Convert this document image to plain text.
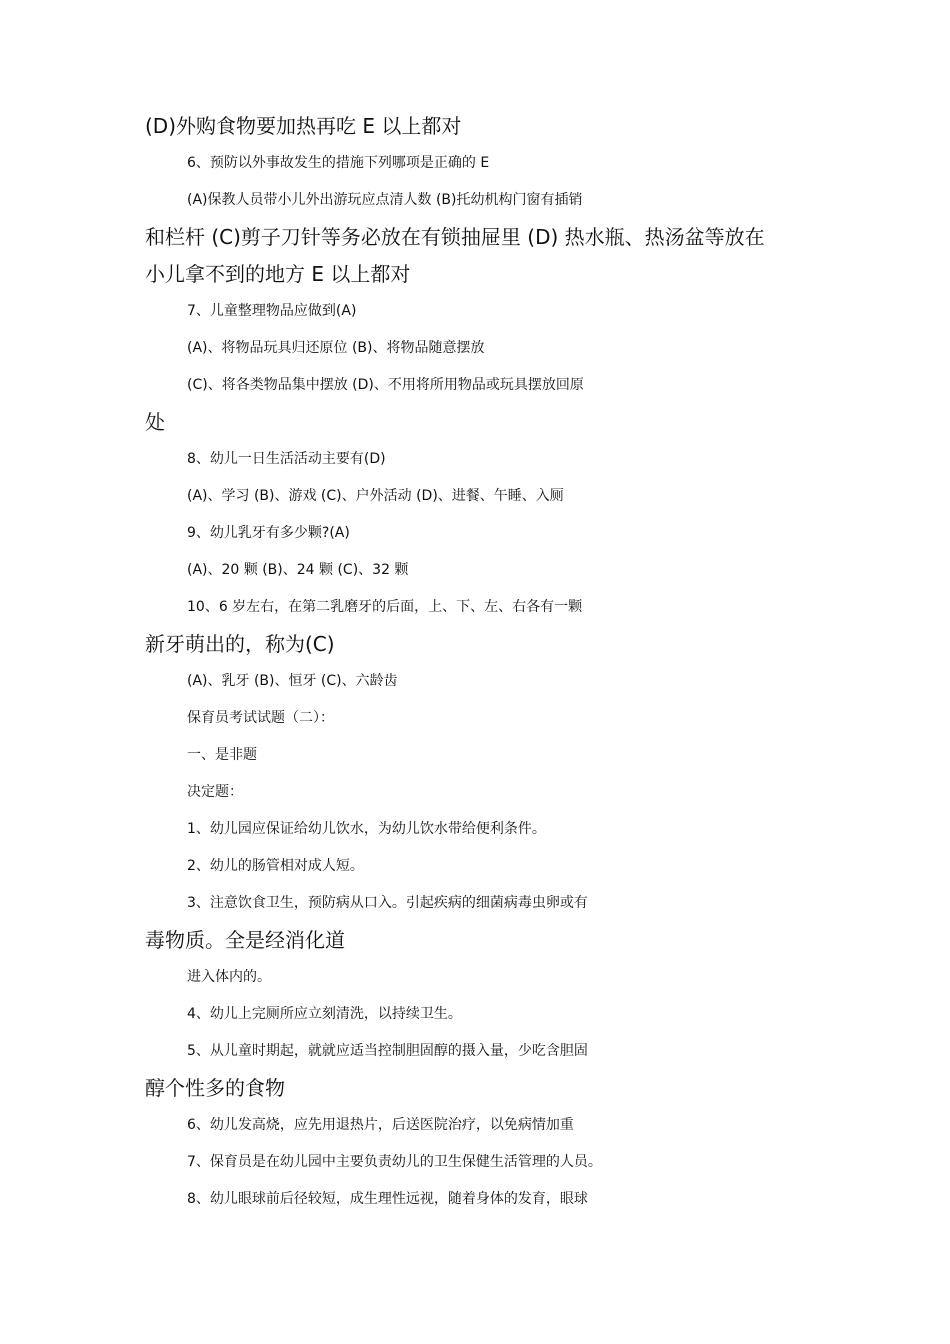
(D)外购食物要加热再吃 E 以上都对
6、预防以外事故发生的措施下列哪项是正确的 E
(A)保教人员带小儿外出游玩应点清人数 (B)托幼机构门窗有插销
和栏杆 (C)剪子刀针等务必放在有锁抽屉里 (D) 热水瓶、热汤盆等放在
小儿拿不到的地方 E 以上都对
7、儿童整理物品应做到(A)
(A)、将物品玩具归还原位 (B)、将物品随意摆放
(C)、将各类物品集中摆放 (D)、不用将所用物品或玩具摆放回原
处
8、幼儿一日生活活动主要有(D)
(A)、学习 (B)、游戏 (C)、户外活动 (D)、进餐、午睡、入厕
9、幼儿乳牙有多少颗?(A)
(A)、20 颗 (B)、24 颗 (C)、32 颗
10、6 岁左右，在第二乳磨牙的后面，上、下、左、右各有一颗
新牙萌出的，称为(C)
(A)、乳牙 (B)、恒牙 (C)、六龄齿
保育员考试试题（二）：
一、是非题
决定题：
1、幼儿园应保证给幼儿饮水，为幼儿饮水带给便利条件。
2、幼儿的肠管相对成人短。
3、注意饮食卫生，预防病从口入。引起疾病的细菌病毒虫卵或有
毒物质。全是经消化道
进入体内的。
4、幼儿上完厕所应立刻清洗，以持续卫生。
5、从儿童时期起，就就应适当控制胆固醇的摄入量，少吃含胆固
醇个性多的食物
6、幼儿发高烧，应先用退热片，后送医院治疗，以免病情加重
7、保育员是在幼儿园中主要负责幼儿的卫生保健生活管理的人员。
8、幼儿眼球前后径较短，成生理性远视，随着身体的发育，眼球
